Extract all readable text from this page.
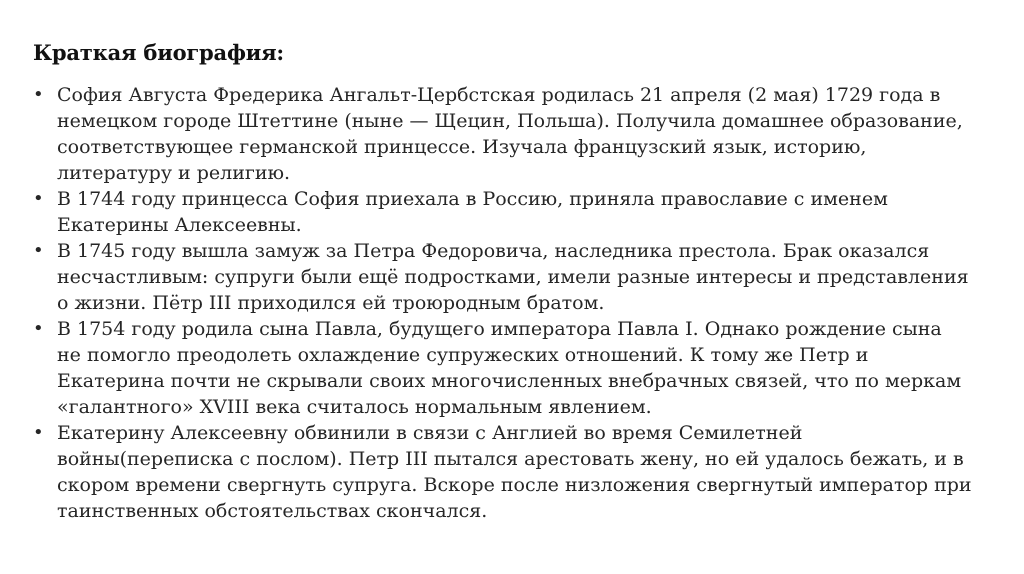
Краткая биография:
• София Августа Фредерика Ангальт-Цербстская родилась 21 апреля (2 мая) 1729 года в
немецком городе Штеттине (ныне — Щецин, Польша). Получила домашнее образование,
соответствующее германской принцессе. Изучала французский язык, историю,
литературу и религию.
• В 1744 году принцесса София приехала в Россию, приняла православие с именем
Екатерины Алексеевны.
• В 1745 году вышла замуж за Петра Федоровича, наследника престола. Брак оказался
несчастливым: супруги были ещё подростками, имели разные интересы и представления
о жизни. Пётр III приходился ей троюродным братом.
• В 1754 году родила сына Павла, будущего императора Павла I. Однако рождение сына
не помогло преодолеть охлаждение супружеских отношений. К тому же Петр и
Екатерина почти не скрывали своих многочисленных внебрачных связей, что по меркам
«галантного» XVIII века считалось нормальным явлением.
• Екатерину Алексеевну обвинили в связи с Англией во время Семилетней
войны(переписка с послом). Петр III пытался арестовать жену, но ей удалось бежать, и в
скором времени свергнуть супруга. Вскоре после низложения свергнутый император при
таинственных обстоятельствах скончался.
